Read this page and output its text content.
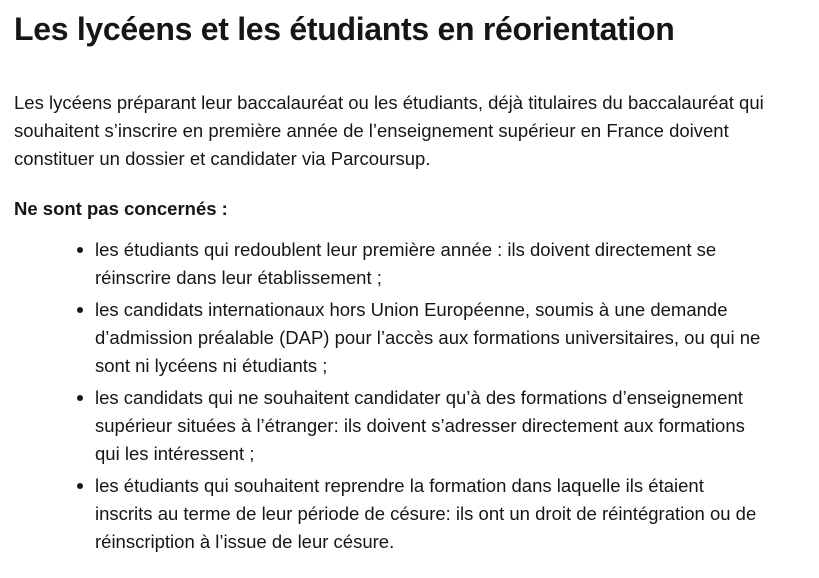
Les lycéens et les étudiants en réorientation

Les lycéens préparant leur baccalauréat ou les étudiants, déjà titulaires du baccalauréat qui
souhaitent s’inscrire en première année de l’enseignement supérieur en France doivent
constituer un dossier et candidater via Parcoursup.

Ne sont pas concernés :

les étudiants qui redoublent leur première année : ils doivent directement se
réinscrire dans leur établissement ;
les candidats internationaux hors Union Européenne, soumis à une demande
d’admission préalable (DAP) pour l’accès aux formations universitaires, ou qui ne
sont ni lycéens ni étudiants ;
les candidats qui ne souhaitent candidater qu’à des formations d’enseignement
supérieur situées à l’étranger: ils doivent s’adresser directement aux formations
qui les intéressent ;
les étudiants qui souhaitent reprendre la formation dans laquelle ils étaient
inscrits au terme de leur période de césure: ils ont un droit de réintégration ou de
réinscription à l’issue de leur césure.
